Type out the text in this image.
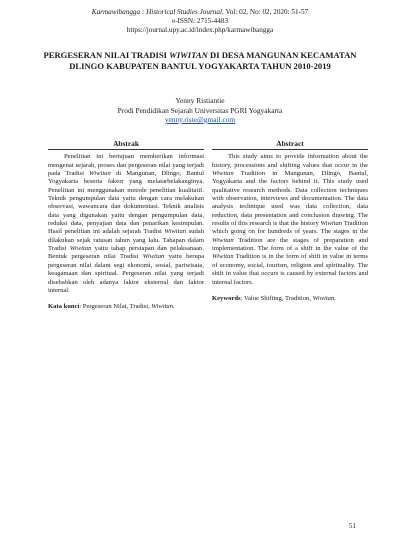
Karmawibangga : Historical Studies Journal, Vol: 02, No: 02, 2020: 51-57
e-ISSN: 2715-4483
https://journal.upy.ac.id/index.php/karmawibangga
PERGESERAN NILAI TRADISI WIWITAN DI DESA MANGUNAN KECAMATAN DLINGO KABUPATEN BANTUL YOGYAKARTA TAHUN 2010-2019
Yenny Ristiantie
Prodi Pendidikan Sejarah Universitas PGRI Yogyakarta
yenny.riste@gmail.com
Abstrak

Penelitian ini bertujuan memberikan informasi mengenai sejarah, proses dan pergeseran nilai yang terjadi pada Tradisi Wiwitan di Mangunan, Dlingo, Bantul Yogyakarta beserta faktor yang melatarbelakanginya. Penelitian ini menggunakan metode penelitian kualitatif. Teknik pengumpulan data yaitu dengan cara melakukan observasi, wawancara dan dokumentasi. Teknik analisis data yang digunakan yaitu dengan pengumpulan data, reduksi data, penyajian data dan penarikan kesimpulan. Hasil penelitian ini adalah sejarah Tradisi Wiwitan sudah dilakukan sejak ratusan tahun yang lalu. Tahapan dalam Tradisi Wiwitan yaitu tahap persiapan dan pelaksanaan. Bentuk pergeseran nilai Tradisi Wiwitan yaitu berupa pergeseran nilai dalam segi ekonomi, sosial, pariwisata, keagamaan dan spiritual. Pergeseran nilai yang terjadi disebabkan oleh adanya faktor eksternal dan faktor internal.

Kata kunci: Pergeseran Nilai, Tradisi, Wiwitan.

Abstract

This study aims to provide information about the history, processions and shifting values that occur in the Wiwitan Tradition in Mangunan, Dlingo, Bantul, Yogyakarta and the factors behind it. This study used qualitative research methods. Data collection techniques with observation, interviews and documentation. The data analysis technique used was data collection, data reduction, data presentation and conclusion drawing. The results of this research is that the history Wiwitan Tradition which going on for hundreds of years. The stages in the Wiwitan Tradition are the stages of preparation and implementation. The form of a shift in the value of the Wiwitan Tradition is in the form of shift in value in terms of economy, social, tourism, religion and spirituality. The shift in value that occurs is caused by external factors and internal factors.

Keywords: Value Shifting, Tradition, Wiwitan.

51
